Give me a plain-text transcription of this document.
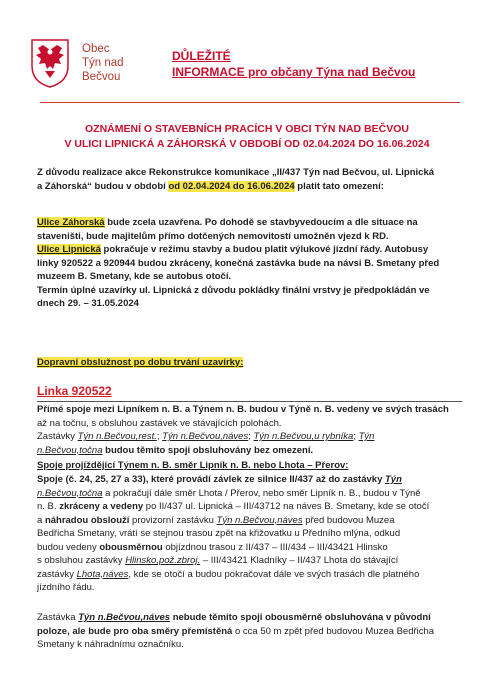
Obec
Týn nad
Bečvou
DŮLEŽITÉ
INFORMACE pro občany Týna nad Bečvou
OZNÁMENÍ O STAVEBNÍCH PRACÍCH V OBCI TÝN NAD BEČVOU
V ULICI LIPNICKÁ A ZÁHORSKÁ V OBDOBÍ OD 02.04.2024 DO 16.06.2024
Z důvodu realizace akce Rekonstrukce komunikace „II/437 Týn nad Bečvou, ul. Lipnická
a Záhorská“ budou v období od 02.04.2024 do 16.06.2024 platit tato omezení:
Ulice Záhorská bude zcela uzavřena. Po dohodě se stavbyvedoucím a dle situace na
staveništi, bude majitelům přímo dotčených nemovitostí umožněn vjezd k RD.
Ulice Lipnická pokračuje v režimu stavby a budou platit výlukové jízdní řády. Autobusy
linky 920522 a 920944 budou zkráceny, konečná zastávka bude na návsi B. Smetany před
muzeem B. Smetany, kde se autobus otočí.
Termín úplné uzavírky ul. Lipnická z důvodu pokládky finální vrstvy je předpokládán ve
dnech 29. – 31.05.2024
Dopravní obslužnost po dobu trvání uzavírky:
Linka 920522
Přímé spoje mezi Lipníkem n. B. a Týnem n. B. budou v Týně n. B. vedeny ve svých trasách
až na točnu, s obsluhou zastávek ve stávajících polohách.
Zastávky Týn n.Bečvou,rest.; Týn n.Bečvou,náves; Týn n.Bečvou,u rybníka; Týn
n.Bečvou,točna budou těmito spoji obsluhovány bez omezení.
Spoje projíždějící Týnem n. B. směr Lipník n. B. nebo Lhota – Přerov:
Spoje (č. 24, 25, 27 a 33), které provádí závlek ze silnice II/437 až do zastávky Týn
n.Bečvou,točna a pokračují dále směr Lhota / Přerov, nebo směr Lipník n. B., budou v Týně
n. B. zkráceny a vedeny po II/437 ul. Lipnická – III/43712 na náves B. Smetany, kde se otočí
a náhradou obslouží provizorní zastávku Týn n.Bečvou,náves před budovou Muzea
Bedřicha Smetany, vrátí se stejnou trasou zpět na křižovatku u Předního mlýna, odkud
budou vedeny obousměrnou objízdnou trasou z II/437 – III/434 – III/43421 Hlinsko
s obsluhou zastávky Hlinsko,pož.zbroj. – III/43421 Kladníky – II/437 Lhota do stávající
zastávky Lhota,náves, kde se otočí a budou pokračovat dále ve svých trasách dle platného
jízdního řádu.
Zastávka Týn n.Bečvou,náves nebude těmito spoji obousměrně obsluhována v původní
poloze, ale bude pro oba směry přemístěná o cca 50 m zpět před budovou Muzea Bedřicha
Smetany k náhradnímu označníku.
